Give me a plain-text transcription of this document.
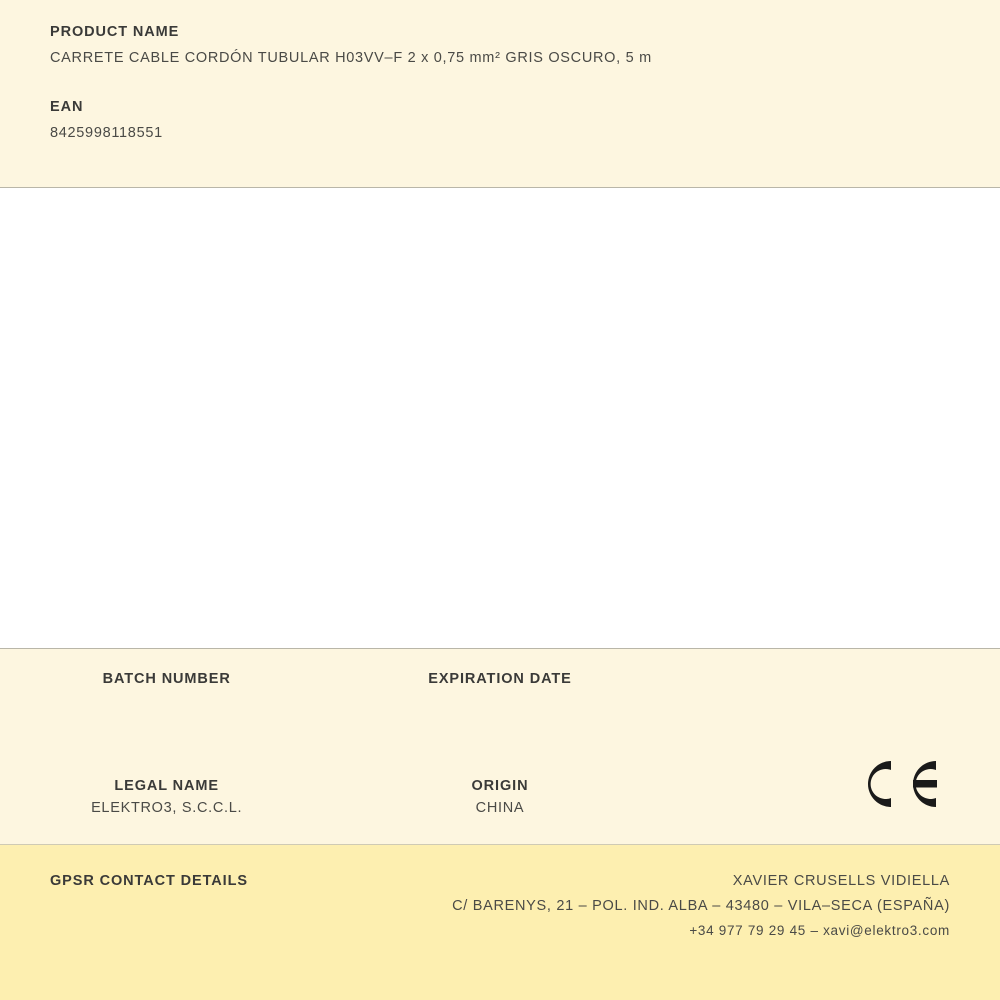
PRODUCT NAME

CARRETE CABLE CORDÓN TUBULAR H03VV–F 2 x 0,75 mm² GRIS OSCURO, 5 m

EAN

8425998118551

BATCH NUMBER	EXPIRATION DATE

LEGAL NAME

ELEKTRO3, S.C.C.L.

ORIGIN

CHINA

GPSR CONTACT DETAILS	XAVIER CRUSELLS VIDIELLA
C/ BARENYS, 21 – POL. IND. ALBA – 43480 – VILA–SECA (ESPAÑA)
+34 977 79 29 45 – xavi@elektro3.com
